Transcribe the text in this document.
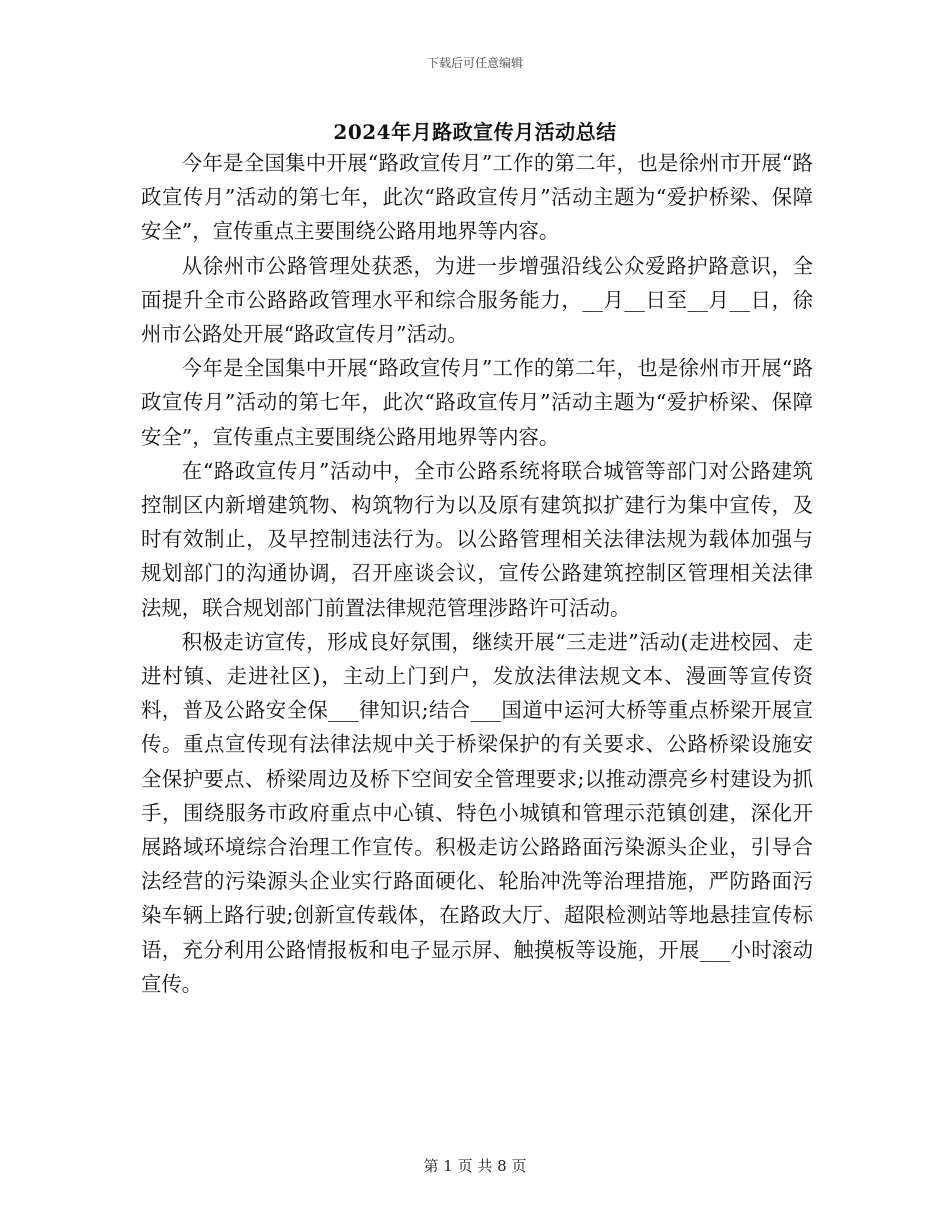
下载后可任意编辑
2024年月路政宣传月活动总结

今年是全国集中开展“路政宣传月”工作的第二年，也是徐州市开展“路政宣传月”活动的第七年，此次“路政宣传月”活动主题为“爱护桥梁、保障安全”，宣传重点主要围绕公路用地界等内容。

从徐州市公路管理处获悉，为进一步增强沿线公众爱路护路意识，全面提升全市公路路政管理水平和综合服务能力，__月__日至__月__日，徐州市公路处开展“路政宣传月”活动。

今年是全国集中开展“路政宣传月”工作的第二年，也是徐州市开展“路政宣传月”活动的第七年，此次“路政宣传月”活动主题为“爱护桥梁、保障安全”，宣传重点主要围绕公路用地界等内容。

在“路政宣传月”活动中，全市公路系统将联合城管等部门对公路建筑控制区内新增建筑物、构筑物行为以及原有建筑拟扩建行为集中宣传，及时有效制止，及早控制违法行为。以公路管理相关法律法规为载体加强与规划部门的沟通协调，召开座谈会议，宣传公路建筑控制区管理相关法律法规，联合规划部门前置法律规范管理涉路许可活动。

积极走访宣传，形成良好氛围，继续开展“三走进”活动(走进校园、走进村镇、走进社区)，主动上门到户，发放法律法规文本、漫画等宣传资料，普及公路安全保___律知识;结合___国道中运河大桥等重点桥梁开展宣传。重点宣传现有法律法规中关于桥梁保护的有关要求、公路桥梁设施安全保护要点、桥梁周边及桥下空间安全管理要求;以推动漂亮乡村建设为抓手，围绕服务市政府重点中心镇、特色小城镇和管理示范镇创建，深化开展路域环境综合治理工作宣传。积极走访公路路面污染源头企业，引导合法经营的污染源头企业实行路面硬化、轮胎冲洗等治理措施，严防路面污染车辆上路行驶;创新宣传载体，在路政大厅、超限检测站等地悬挂宣传标语，充分利用公路情报板和电子显示屏、触摸板等设施，开展___小时滚动宣传。

第 1 页 共 8 页
